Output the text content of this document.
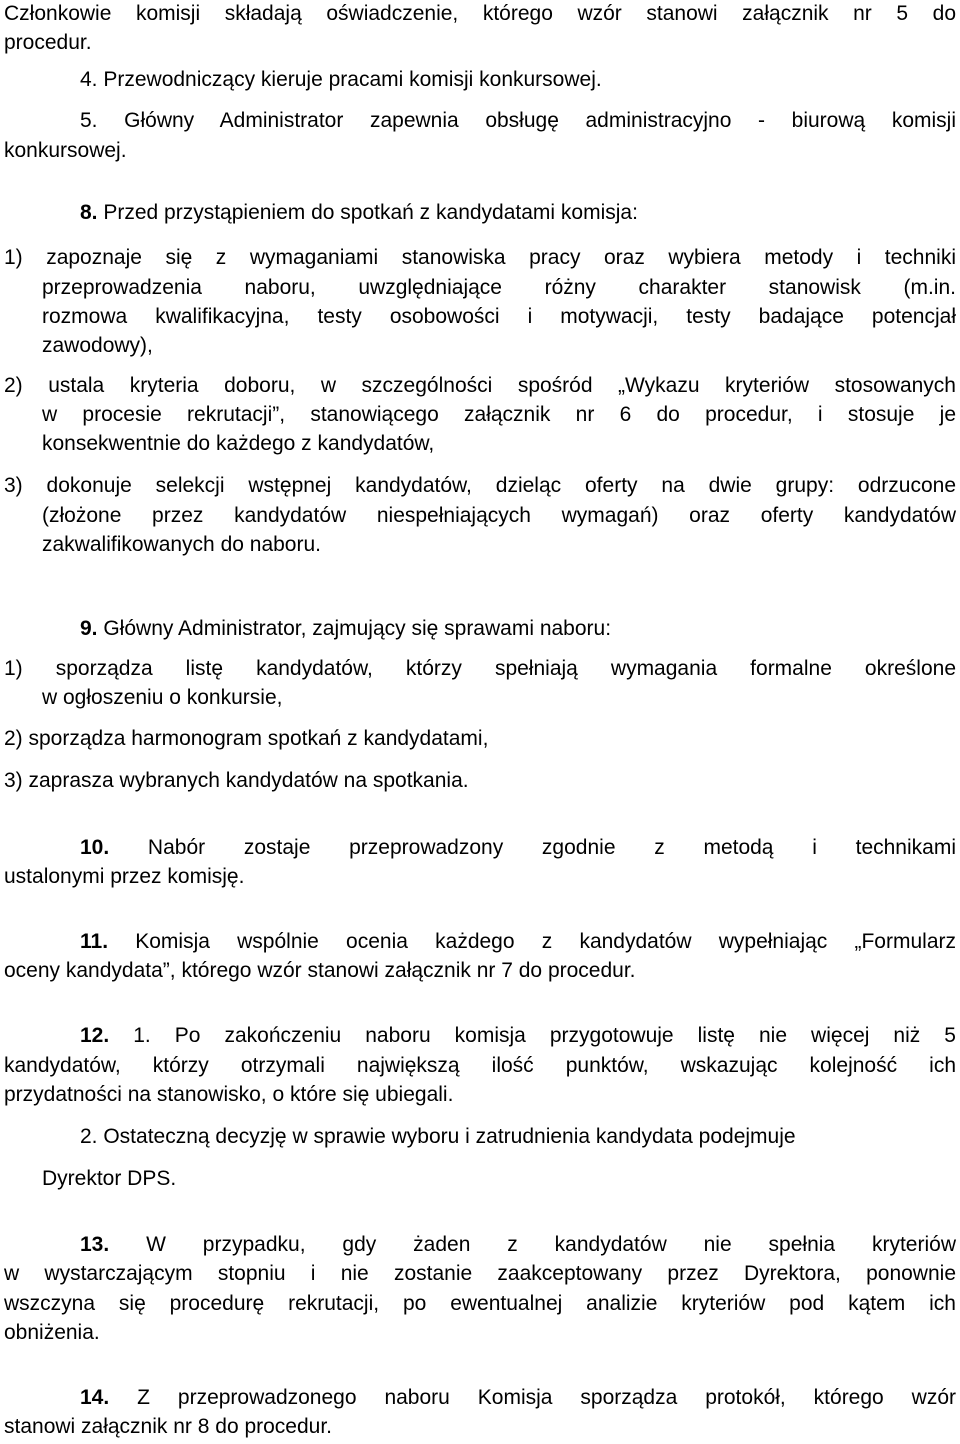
Członkowie komisji składają oświadczenie, którego wzór stanowi załącznik nr 5 do
procedur.
4. Przewodniczący kieruje pracami komisji konkursowej.
5. Główny Administrator zapewnia obsługę administracyjno - biurową komisji
konkursowej.
8. Przed przystąpieniem do spotkań z kandydatami komisja:
1) zapoznaje się z wymaganiami stanowiska pracy oraz wybiera metody i techniki
przeprowadzenia naboru, uwzględniające różny charakter stanowisk (m.in.
rozmowa kwalifikacyjna, testy osobowości i motywacji, testy badające potencjał
zawodowy),
2) ustala kryteria doboru, w szczególności spośród „Wykazu kryteriów stosowanych
w procesie rekrutacji”, stanowiącego załącznik nr 6 do procedur, i stosuje je
konsekwentnie do każdego z kandydatów,
3) dokonuje selekcji wstępnej kandydatów, dzieląc oferty na dwie grupy: odrzucone
(złożone przez kandydatów niespełniających wymagań) oraz oferty kandydatów
zakwalifikowanych do naboru.
9. Główny Administrator, zajmujący się sprawami naboru:
1) sporządza listę kandydatów, którzy spełniają wymagania formalne określone
w ogłoszeniu o konkursie,
2) sporządza harmonogram spotkań z kandydatami,
3) zaprasza wybranych kandydatów na spotkania.
10. Nabór zostaje przeprowadzony zgodnie z metodą i technikami
ustalonymi przez komisję.
11. Komisja wspólnie ocenia każdego z kandydatów wypełniając „Formularz
oceny kandydata”, którego wzór stanowi załącznik nr 7 do procedur.
12. 1. Po zakończeniu naboru komisja przygotowuje listę nie więcej niż 5
kandydatów, którzy otrzymali największą ilość punktów, wskazując kolejność ich
przydatności na stanowisko, o które się ubiegali.
2. Ostateczną decyzję w sprawie wyboru i zatrudnienia kandydata podejmuje
Dyrektor DPS.
13. W przypadku, gdy żaden z kandydatów nie spełnia kryteriów
w wystarczającym stopniu i nie zostanie zaakceptowany przez Dyrektora, ponownie
wszczyna się procedurę rekrutacji, po ewentualnej analizie kryteriów pod kątem ich
obniżenia.
14. Z przeprowadzonego naboru Komisja sporządza protokół, którego wzór
stanowi załącznik nr 8 do procedur.
